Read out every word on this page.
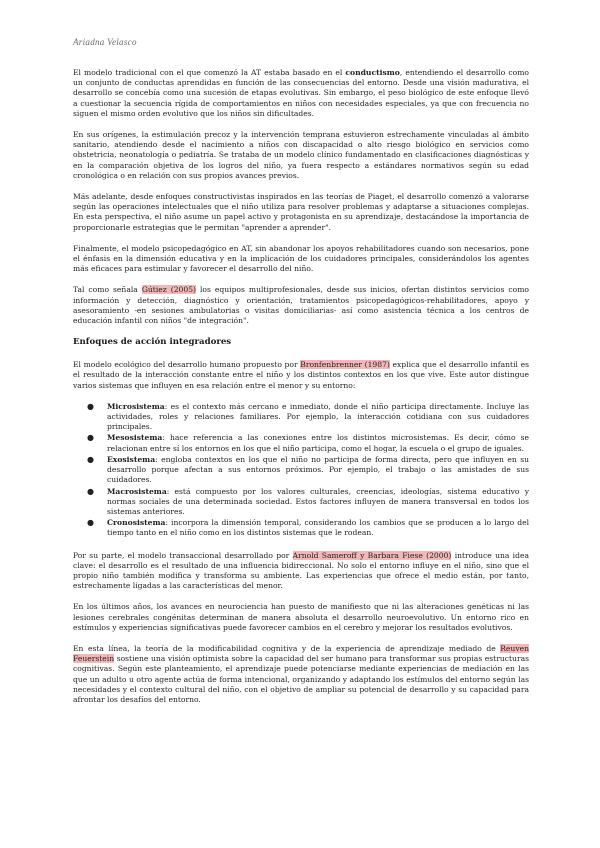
Ariadna Velasco

El modelo tradicional con el que comenzó la AT estaba basado en el conductismo, entendiendo el desarrollo como un conjunto de conductas aprendidas en función de las consecuencias del entorno. Desde una visión madurativa, el desarrollo se concebía como una sucesión de etapas evolutivas. Sin embargo, el peso biológico de este enfoque llevó a cuestionar la secuencia rígida de comportamientos en niños con necesidades especiales, ya que con frecuencia no siguen el mismo orden evolutivo que los niños sin dificultades.

En sus orígenes, la estimulación precoz y la intervención temprana estuvieron estrechamente vinculadas al ámbito sanitario, atendiendo desde el nacimiento a niños con discapacidad o alto riesgo biológico en servicios como obstetricia, neonatología o pediatría. Se trataba de un modelo clínico fundamentado en clasificaciones diagnósticas y en la comparación objetiva de los logros del niño, ya fuera respecto a estándares normativos según su edad cronológica o en relación con sus propios avances previos.

Más adelante, desde enfoques constructivistas inspirados en las teorías de Piaget, el desarrollo comenzó a valorarse según las operaciones intelectuales que el niño utiliza para resolver problemas y adaptarse a situaciones complejas. En esta perspectiva, el niño asume un papel activo y protagonista en su aprendizaje, destacándose la importancia de proporcionarle estrategias que le permitan "aprender a aprender".

Finalmente, el modelo psicopedagógico en AT, sin abandonar los apoyos rehabilitadores cuando son necesarios, pone el énfasis en la dimensión educativa y en la implicación de los cuidadores principales, considerándolos los agentes más eficaces para estimular y favorecer el desarrollo del niño.

Tal como señala Gútiez (2005) los equipos multiprofesionales, desde sus inicios, ofertan distintos servicios como información y detección, diagnóstico y orientación, tratamientos psicopedagógicos-rehabilitadores, apoyo y asesoramiento -en sesiones ambulatorias o visitas domiciliarias- así como asistencia técnica a los centros de educación infantil con niños "de integración".

Enfoques de acción integradores

El modelo ecológico del desarrollo humano propuesto por Bronfenbrenner (1987) explica que el desarrollo infantil es el resultado de la interacción constante entre el niño y los distintos contextos en los que vive. Este autor distingue varios sistemas que influyen en esa relación entre el menor y su entorno:

● Microsistema: es el contexto más cercano e inmediato, donde el niño participa directamente. Incluye las actividades, roles y relaciones familiares. Por ejemplo, la interacción cotidiana con sus cuidadores principales.
● Mesosistema: hace referencia a las conexiones entre los distintos microsistemas. Es decir, cómo se relacionan entre sí los entornos en los que el niño participa, como el hogar, la escuela o el grupo de iguales.
● Exosistema: engloba contextos en los que el niño no participa de forma directa, pero que influyen en su desarrollo porque afectan a sus entornos próximos. Por ejemplo, el trabajo o las amistades de sus cuidadores.
● Macrosistema: está compuesto por los valores culturales, creencias, ideologías, sistema educativo y normas sociales de una determinada sociedad. Estos factores influyen de manera transversal en todos los sistemas anteriores.
● Cronosistema: incorpora la dimensión temporal, considerando los cambios que se producen a lo largo del tiempo tanto en el niño como en los distintos sistemas que le rodean.

Por su parte, el modelo transaccional desarrollado por Arnold Sameroff y Barbara Fiese (2000) introduce una idea clave: el desarrollo es el resultado de una influencia bidireccional. No solo el entorno influye en el niño, sino que el propio niño también modifica y transforma su ambiente. Las experiencias que ofrece el medio están, por tanto, estrechamente ligadas a las características del menor.

En los últimos años, los avances en neurociencia han puesto de manifiesto que ni las alteraciones genéticas ni las lesiones cerebrales congénitas determinan de manera absoluta el desarrollo neuroevolutivo. Un entorno rico en estímulos y experiencias significativas puede favorecer cambios en el cerebro y mejorar los resultados evolutivos.

En esta línea, la teoría de la modificabilidad cognitiva y de la experiencia de aprendizaje mediado de Reuven Feuerstein sostiene una visión optimista sobre la capacidad del ser humano para transformar sus propias estructuras cognitivas. Según este planteamiento, el aprendizaje puede potenciarse mediante experiencias de mediación en las que un adulto u otro agente actúa de forma intencional, organizando y adaptando los estímulos del entorno según las necesidades y el contexto cultural del niño, con el objetivo de ampliar su potencial de desarrollo y su capacidad para afrontar los desafíos del entorno.
